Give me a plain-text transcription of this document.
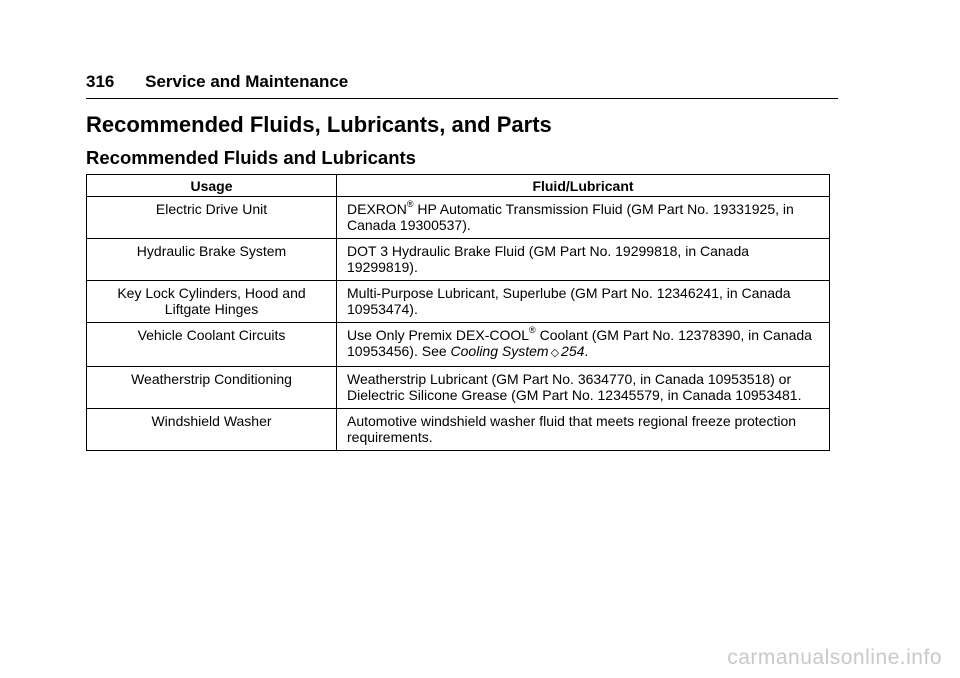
316 Service and Maintenance
Recommended Fluids, Lubricants, and Parts
Recommended Fluids and Lubricants
Usage	Fluid/Lubricant
Electric Drive Unit	DEXRON® HP Automatic Transmission Fluid (GM Part No. 19331925, in Canada 19300537).
Hydraulic Brake System	DOT 3 Hydraulic Brake Fluid (GM Part No. 19299818, in Canada 19299819).
Key Lock Cylinders, Hood and Liftgate Hinges	Multi-Purpose Lubricant, Superlube (GM Part No. 12346241, in Canada 10953474).
Vehicle Coolant Circuits	Use Only Premix DEX-COOL® Coolant (GM Part No. 12378390, in Canada 10953456). See Cooling System ◇ 254.
Weatherstrip Conditioning	Weatherstrip Lubricant (GM Part No. 3634770, in Canada 10953518) or Dielectric Silicone Grease (GM Part No. 12345579, in Canada 10953481.
Windshield Washer	Automotive windshield washer fluid that meets regional freeze protection requirements.
carmanualsonline.info
